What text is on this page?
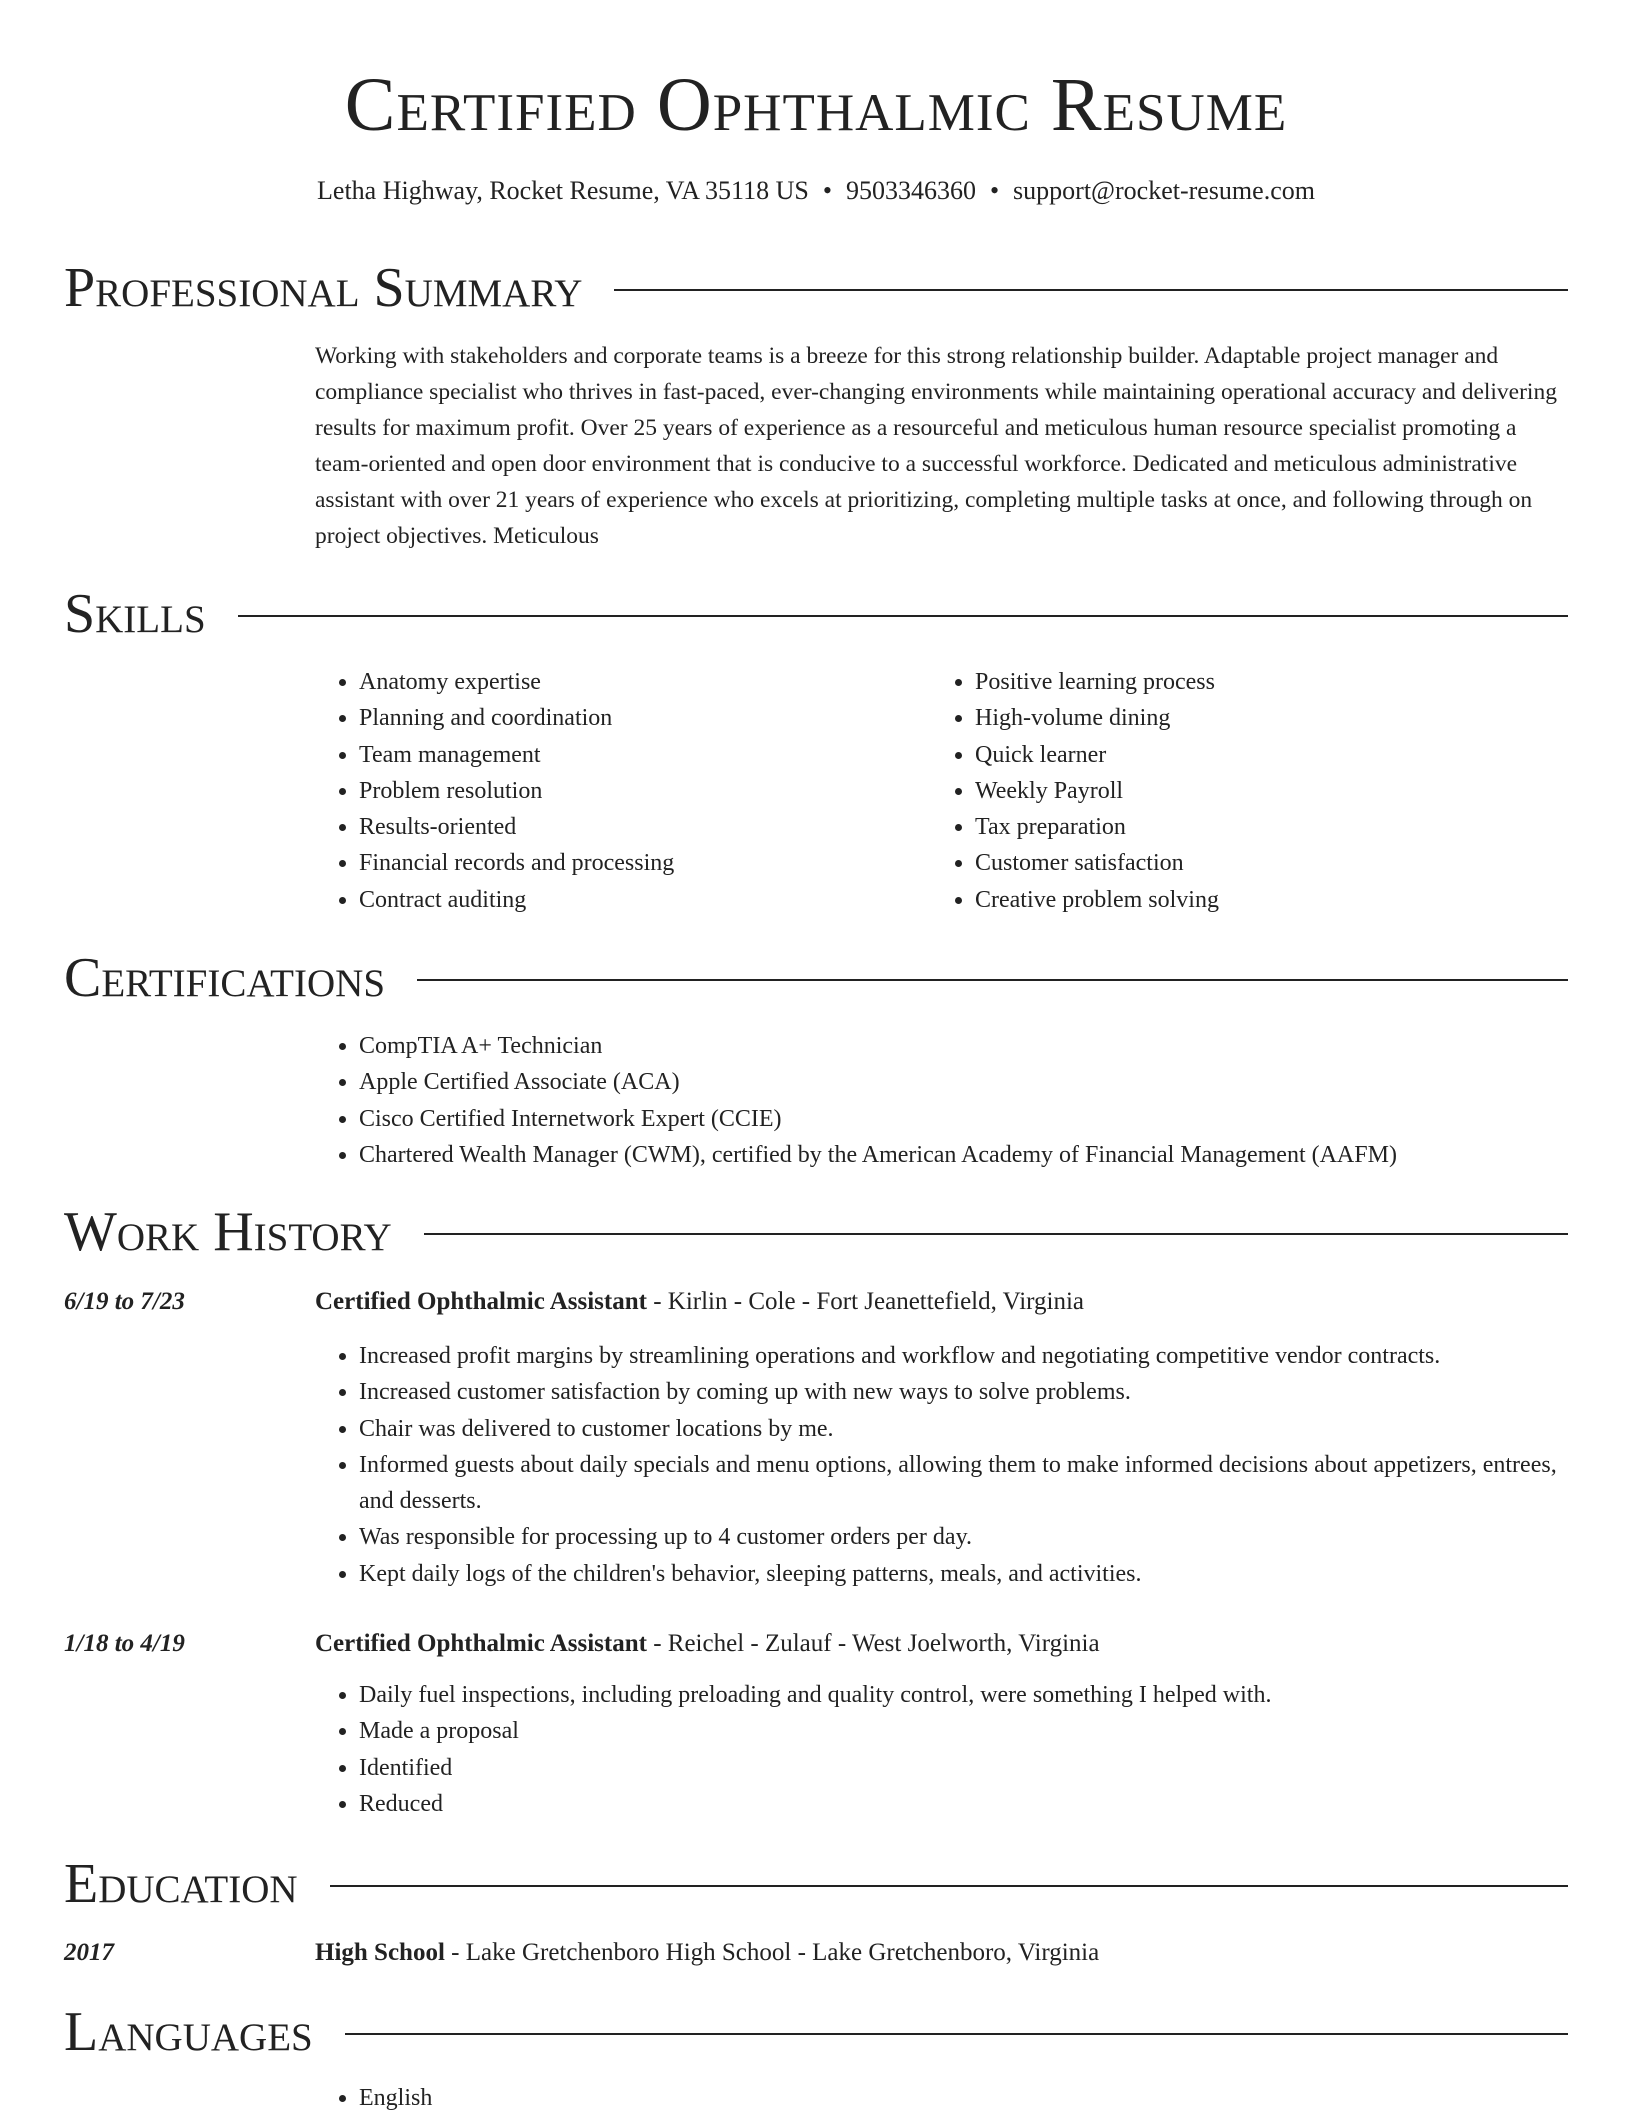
Certified Ophthalmic Resume
Letha Highway, Rocket Resume, VA 35118 US • 9503346360 • support@rocket-resume.com
Professional Summary
Working with stakeholders and corporate teams is a breeze for this strong relationship builder. Adaptable project manager and compliance specialist who thrives in fast-paced, ever-changing environments while maintaining operational accuracy and delivering results for maximum profit. Over 25 years of experience as a resourceful and meticulous human resource specialist promoting a team-oriented and open door environment that is conducive to a successful workforce. Dedicated and meticulous administrative assistant with over 21 years of experience who excels at prioritizing, completing multiple tasks at once, and following through on project objectives. Meticulous
Skills
• Anatomy expertise
• Planning and coordination
• Team management
• Problem resolution
• Results-oriented
• Financial records and processing
• Contract auditing
• Positive learning process
• High-volume dining
• Quick learner
• Weekly Payroll
• Tax preparation
• Customer satisfaction
• Creative problem solving
Certifications
• CompTIA A+ Technician
• Apple Certified Associate (ACA)
• Cisco Certified Internetwork Expert (CCIE)
• Chartered Wealth Manager (CWM), certified by the American Academy of Financial Management (AAFM)
Work History
6/19 to 7/23	Certified Ophthalmic Assistant - Kirlin - Cole - Fort Jeanettefield, Virginia
• Increased profit margins by streamlining operations and workflow and negotiating competitive vendor contracts.
• Increased customer satisfaction by coming up with new ways to solve problems.
• Chair was delivered to customer locations by me.
• Informed guests about daily specials and menu options, allowing them to make informed decisions about appetizers, entrees, and desserts.
• Was responsible for processing up to 4 customer orders per day.
• Kept daily logs of the children's behavior, sleeping patterns, meals, and activities.
1/18 to 4/19	Certified Ophthalmic Assistant - Reichel - Zulauf - West Joelworth, Virginia
• Daily fuel inspections, including preloading and quality control, were something I helped with.
• Made a proposal
• Identified
• Reduced
Education
2017	High School - Lake Gretchenboro High School - Lake Gretchenboro, Virginia
Languages
• English
